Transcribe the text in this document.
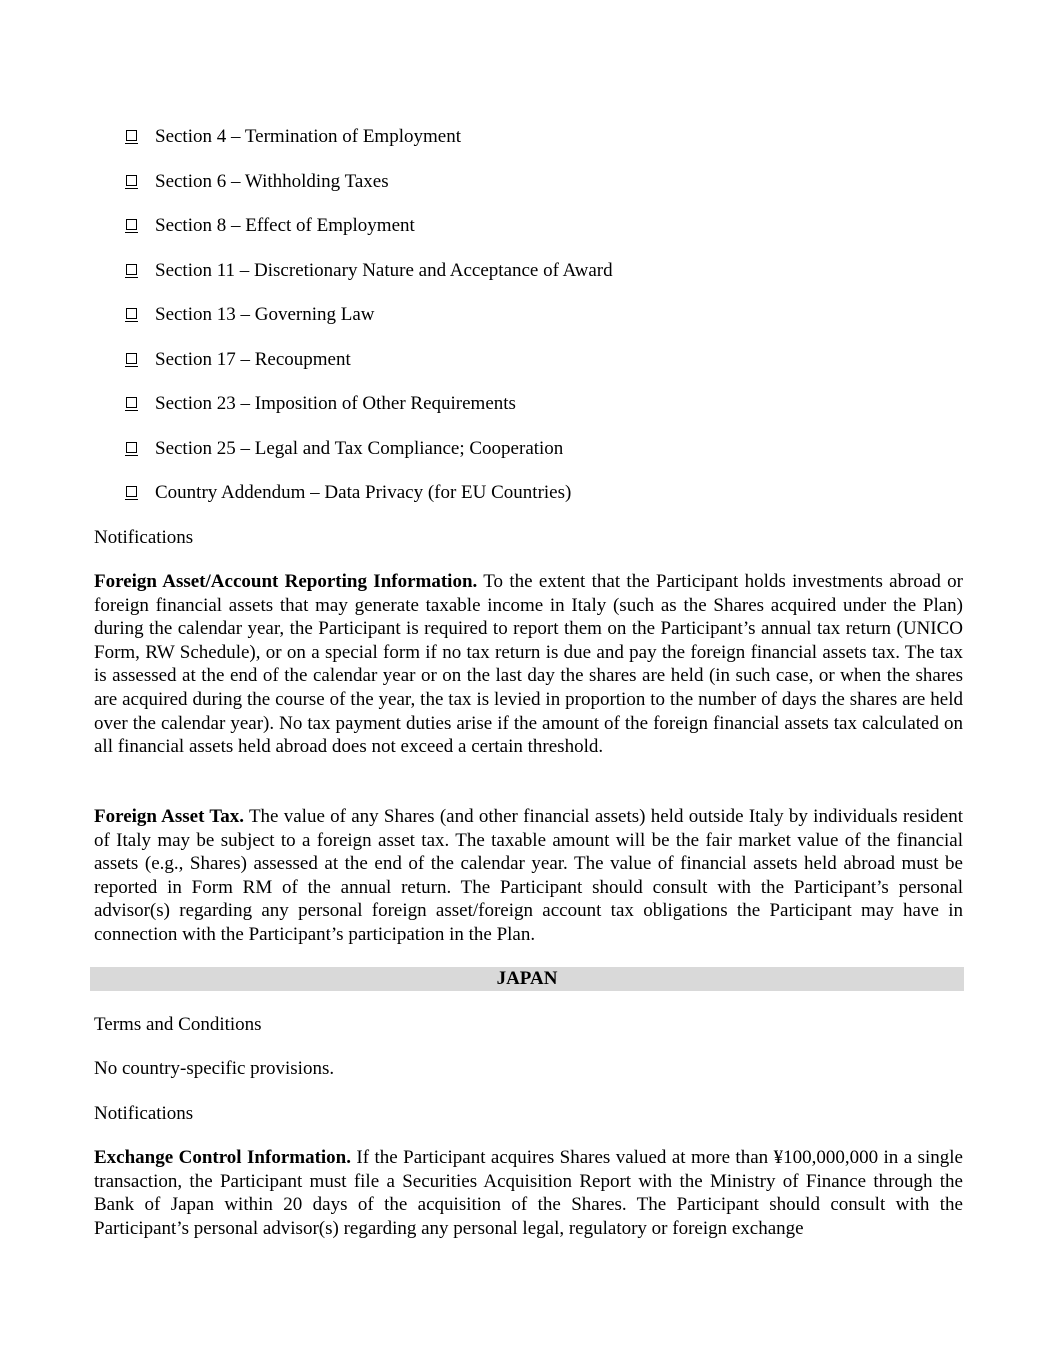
Section 4 – Termination of Employment
Section 6 – Withholding Taxes
Section 8 – Effect of Employment
Section 11 – Discretionary Nature and Acceptance of Award
Section 13 – Governing Law
Section 17 – Recoupment
Section 23 – Imposition of Other Requirements
Section 25 – Legal and Tax Compliance; Cooperation
Country Addendum – Data Privacy (for EU Countries)
Notifications

Foreign Asset/Account Reporting Information. To the extent that the Participant holds investments abroad or foreign financial assets that may generate taxable income in Italy (such as the Shares acquired under the Plan) during the calendar year, the Participant is required to report them on the Participant’s annual tax return (UNICO Form, RW Schedule), or on a special form if no tax return is due and pay the foreign financial assets tax. The tax is assessed at the end of the calendar year or on the last day the shares are held (in such case, or when the shares are acquired during the course of the year, the tax is levied in proportion to the number of days the shares are held over the calendar year). No tax payment duties arise if the amount of the foreign financial assets tax calculated on all financial assets held abroad does not exceed a certain threshold.

Foreign Asset Tax. The value of any Shares (and other financial assets) held outside Italy by individuals resident of Italy may be subject to a foreign asset tax. The taxable amount will be the fair market value of the financial assets (e.g., Shares) assessed at the end of the calendar year. The value of financial assets held abroad must be reported in Form RM of the annual return. The Participant should consult with the Participant’s personal advisor(s) regarding any personal foreign asset/foreign account tax obligations the Participant may have in connection with the Participant’s participation in the Plan.

JAPAN
Terms and Conditions
No country-specific provisions.
Notifications

Exchange Control Information. If the Participant acquires Shares valued at more than ¥100,000,000 in a single transaction, the Participant must file a Securities Acquisition Report with the Ministry of Finance through the Bank of Japan within 20 days of the acquisition of the Shares. The Participant should consult with the Participant’s personal advisor(s) regarding any personal legal, regulatory or foreign exchange
